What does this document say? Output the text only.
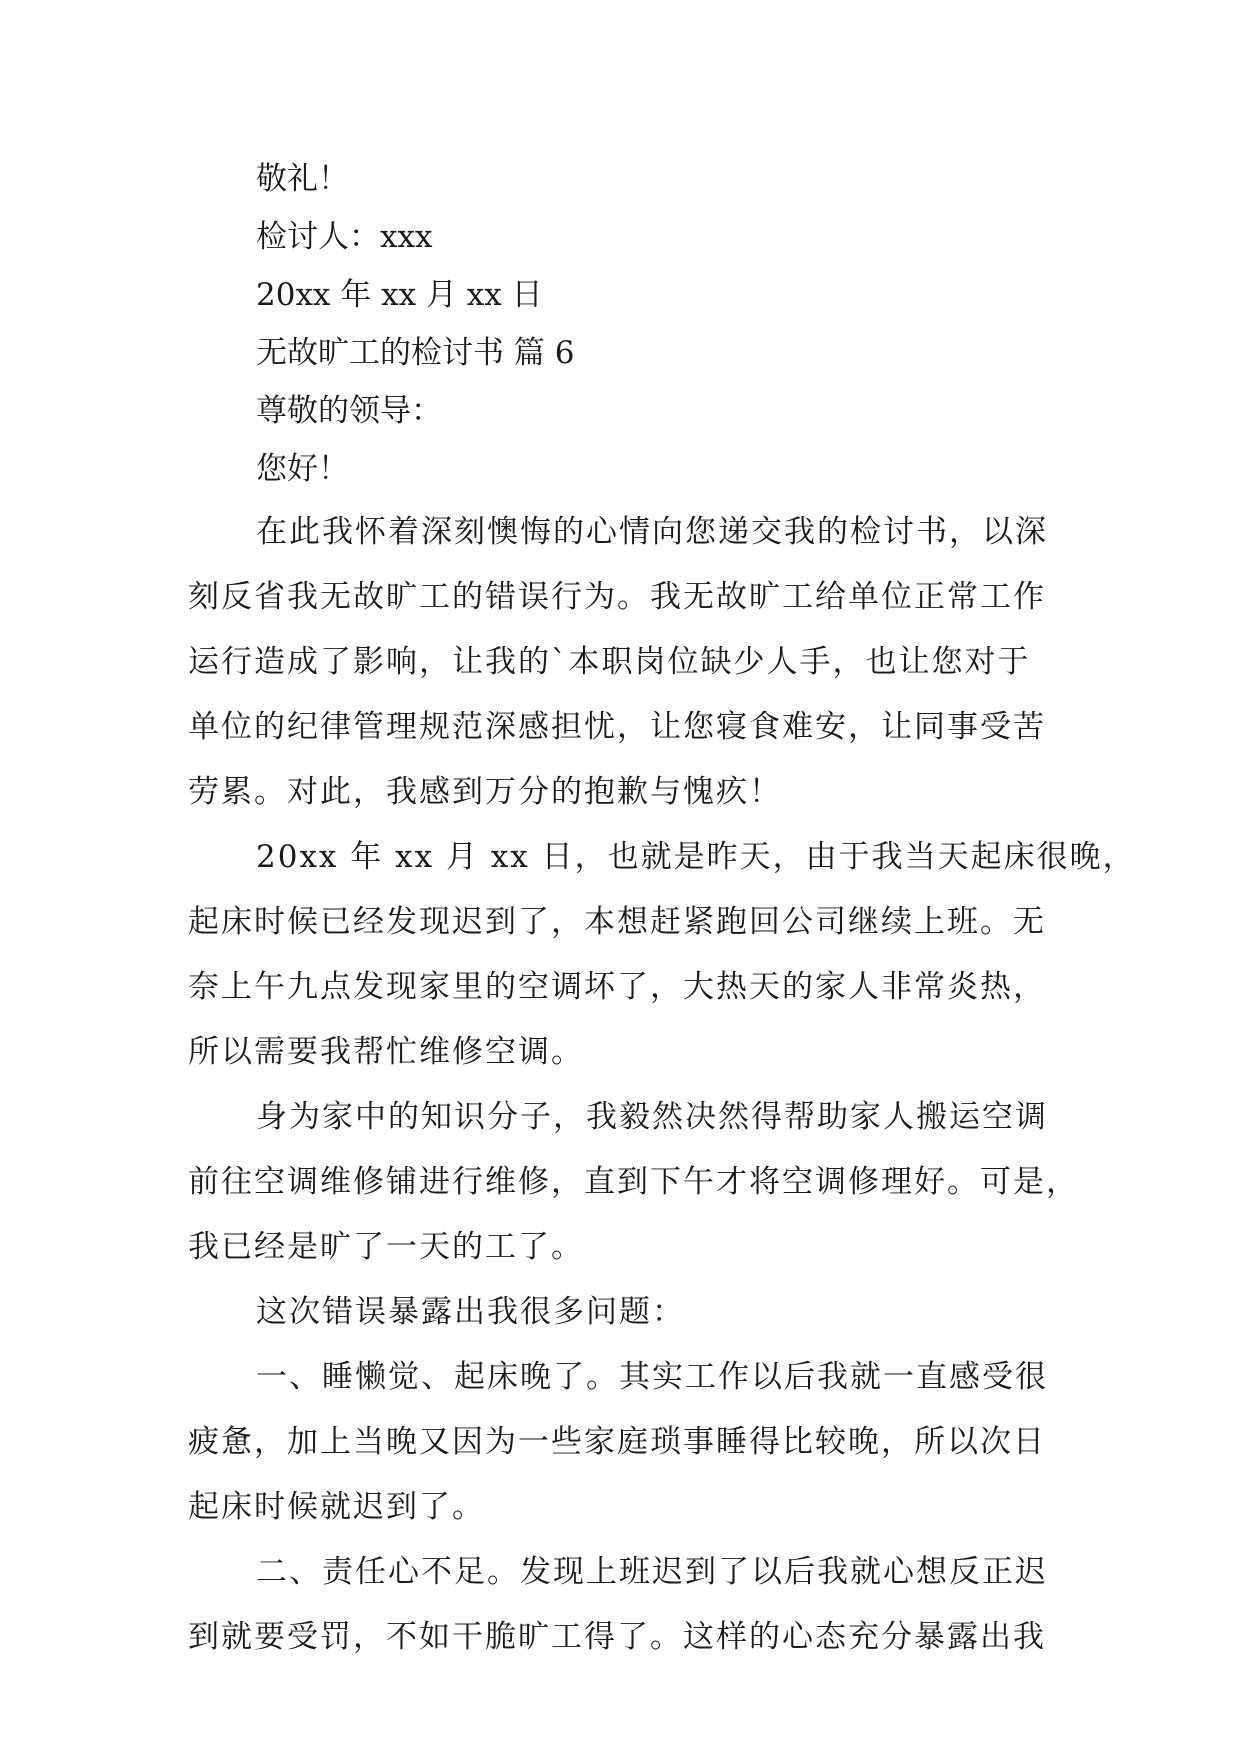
敬礼！
检讨人：xxx
20xx 年 xx 月 xx 日
无故旷工的检讨书 篇 6
尊敬的领导：
您好！
在此我怀着深刻懊悔的心情向您递交我的检讨书，以深
刻反省我无故旷工的错误行为。我无故旷工给单位正常工作
运行造成了影响，让我的`本职岗位缺少人手，也让您对于
单位的纪律管理规范深感担忧，让您寝食难安，让同事受苦
劳累。对此，我感到万分的抱歉与愧疚！
20xx 年 xx 月 xx 日，也就是昨天，由于我当天起床很晚，
起床时候已经发现迟到了，本想赶紧跑回公司继续上班。无
奈上午九点发现家里的空调坏了，大热天的家人非常炎热，
所以需要我帮忙维修空调。
身为家中的知识分子，我毅然决然得帮助家人搬运空调
前往空调维修铺进行维修，直到下午才将空调修理好。可是，
我已经是旷了一天的工了。
这次错误暴露出我很多问题：
一、睡懒觉、起床晚了。其实工作以后我就一直感受很
疲惫，加上当晚又因为一些家庭琐事睡得比较晚，所以次日
起床时候就迟到了。
二、责任心不足。发现上班迟到了以后我就心想反正迟
到就要受罚，不如干脆旷工得了。这样的心态充分暴露出我
